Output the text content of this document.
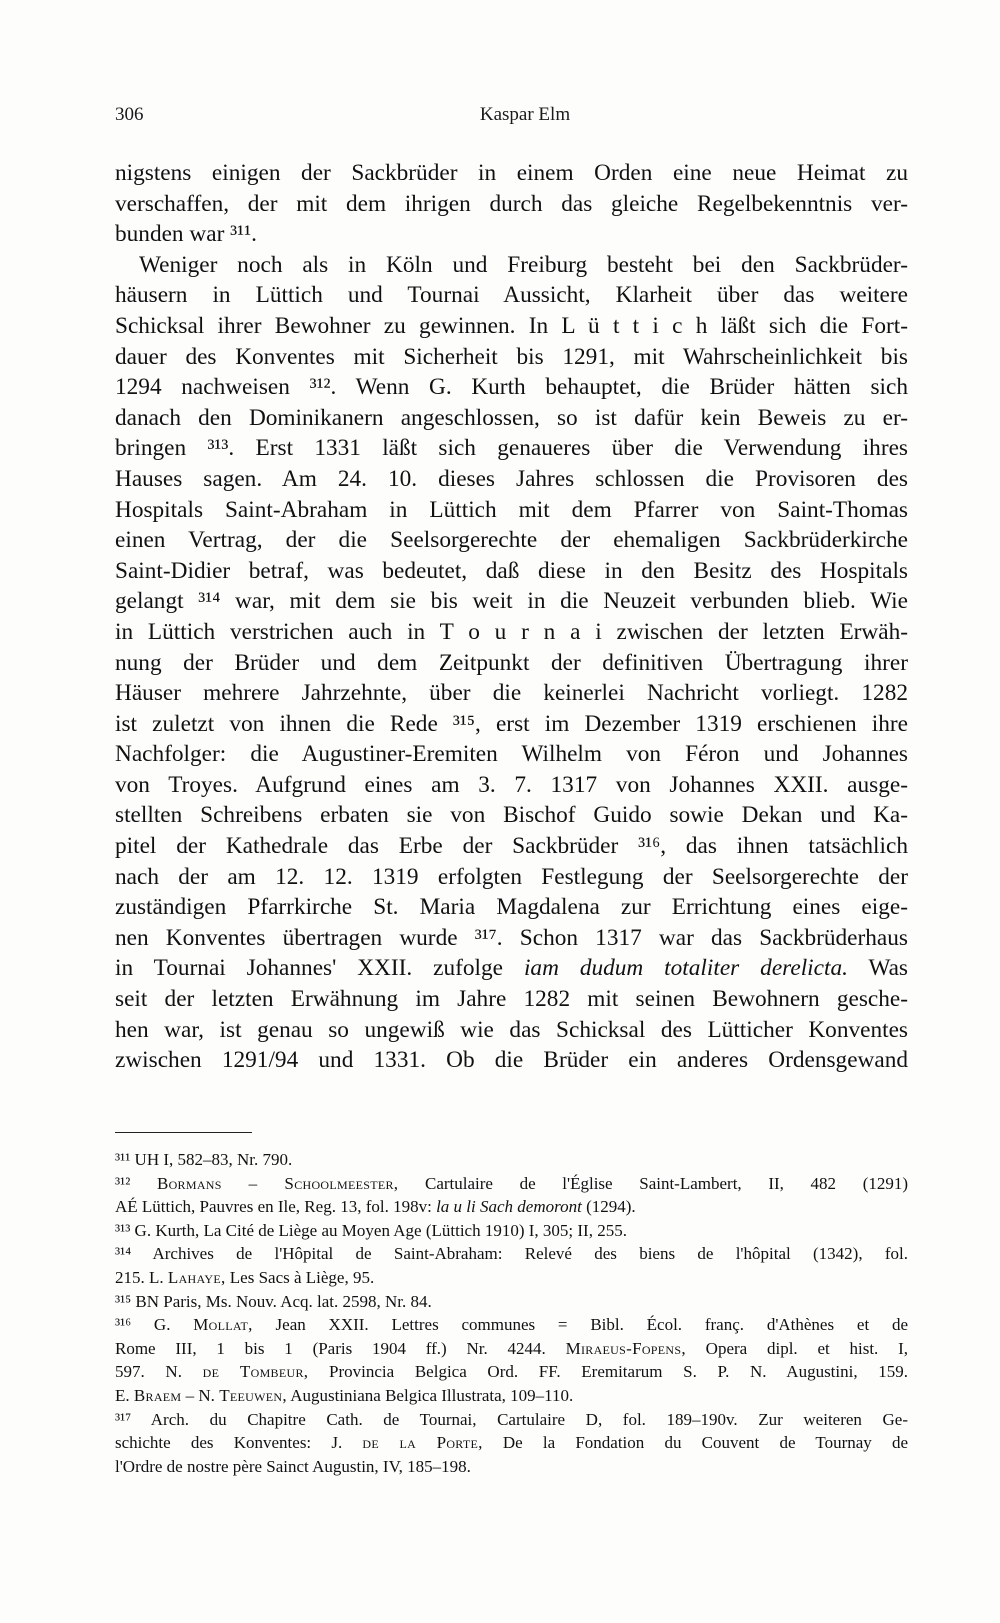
306	Kaspar Elm
nigstens einigen der Sackbrüder in einem Orden eine neue Heimat zu
verschaffen, der mit dem ihrigen durch das gleiche Regelbekenntnis ver-
bunden war ³¹¹.
Weniger noch als in Köln und Freiburg besteht bei den Sackbrüder-
häusern in Lüttich und Tournai Aussicht, Klarheit über das weitere
Schicksal ihrer Bewohner zu gewinnen. In L ü t t i c h läßt sich die Fort-
dauer des Konventes mit Sicherheit bis 1291, mit Wahrscheinlichkeit bis
1294 nachweisen ³¹². Wenn G. Kurth behauptet, die Brüder hätten sich
danach den Dominikanern angeschlossen, so ist dafür kein Beweis zu er-
bringen ³¹³. Erst 1331 läßt sich genaueres über die Verwendung ihres
Hauses sagen. Am 24. 10. dieses Jahres schlossen die Provisoren des
Hospitals Saint-Abraham in Lüttich mit dem Pfarrer von Saint-Thomas
einen Vertrag, der die Seelsorgerechte der ehemaligen Sackbrüderkirche
Saint-Didier betraf, was bedeutet, daß diese in den Besitz des Hospitals
gelangt ³¹⁴ war, mit dem sie bis weit in die Neuzeit verbunden blieb. Wie
in Lüttich verstrichen auch in T o u r n a i zwischen der letzten Erwäh-
nung der Brüder und dem Zeitpunkt der definitiven Übertragung ihrer
Häuser mehrere Jahrzehnte, über die keinerlei Nachricht vorliegt. 1282
ist zuletzt von ihnen die Rede ³¹⁵, erst im Dezember 1319 erschienen ihre
Nachfolger: die Augustiner-Eremiten Wilhelm von Féron und Johannes
von Troyes. Aufgrund eines am 3. 7. 1317 von Johannes XXII. ausge-
stellten Schreibens erbaten sie von Bischof Guido sowie Dekan und Ka-
pitel der Kathedrale das Erbe der Sackbrüder ³¹⁶, das ihnen tatsächlich
nach der am 12. 12. 1319 erfolgten Festlegung der Seelsorgerechte der
zuständigen Pfarrkirche St. Maria Magdalena zur Errichtung eines eige-
nen Konventes übertragen wurde ³¹⁷. Schon 1317 war das Sackbrüderhaus
in Tournai Johannes' XXII. zufolge iam dudum totaliter derelicta. Was
seit der letzten Erwähnung im Jahre 1282 mit seinen Bewohnern gesche-
hen war, ist genau so ungewiß wie das Schicksal des Lütticher Konventes
zwischen 1291/94 und 1331. Ob die Brüder ein anderes Ordensgewand
³¹¹ UH I, 582–83, Nr. 790.
³¹² Bormans – Schoolmeester, Cartulaire de l'Église Saint-Lambert, II, 482 (1291)
AÉ Lüttich, Pauvres en Ile, Reg. 13, fol. 198v: la u li Sach demoront (1294).
³¹³ G. Kurth, La Cité de Liège au Moyen Age (Lüttich 1910) I, 305; II, 255.
³¹⁴ Archives de l'Hôpital de Saint-Abraham: Relevé des biens de l'hôpital (1342), fol.
215. L. Lahaye, Les Sacs à Liège, 95.
³¹⁵ BN Paris, Ms. Nouv. Acq. lat. 2598, Nr. 84.
³¹⁶ G. Mollat, Jean XXII. Lettres communes = Bibl. Écol. franç. d'Athènes et de
Rome III, 1 bis 1 (Paris 1904 ff.) Nr. 4244. Miraeus-Fopens, Opera dipl. et hist. I,
597. N. de Tombeur, Provincia Belgica Ord. FF. Eremitarum S. P. N. Augustini, 159.
E. Braem – N. Teeuwen, Augustiniana Belgica Illustrata, 109–110.
³¹⁷ Arch. du Chapitre Cath. de Tournai, Cartulaire D, fol. 189–190v. Zur weiteren Ge-
schichte des Konventes: J. de la Porte, De la Fondation du Couvent de Tournay de
l'Ordre de nostre père Sainct Augustin, IV, 185–198.
